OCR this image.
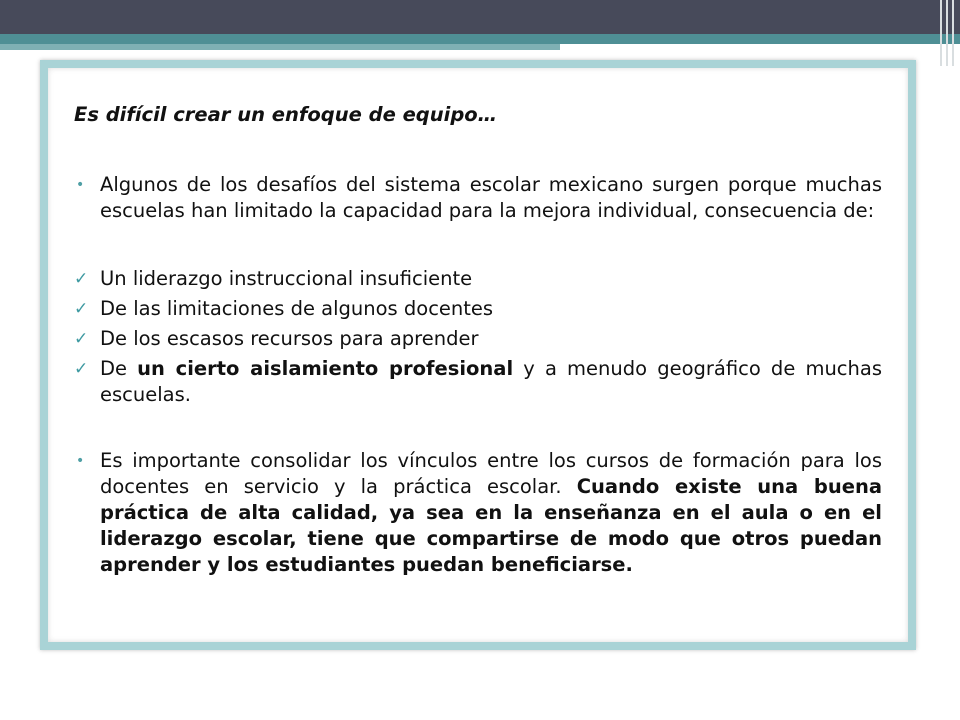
Es difícil crear un enfoque de equipo…
• Algunos de los desafíos del sistema escolar mexicano surgen porque muchas escuelas han limitado la capacidad para la mejora individual, consecuencia de:
✓ Un liderazgo instruccional insuficiente
✓ De las limitaciones de algunos docentes
✓ De los escasos recursos para aprender
✓ De un cierto aislamiento profesional y a menudo geográfico de muchas escuelas.
• Es importante consolidar los vínculos entre los cursos de formación para los docentes en servicio y la práctica escolar. Cuando existe una buena práctica de alta calidad, ya sea en la enseñanza en el aula o en el liderazgo escolar, tiene que compartirse de modo que otros puedan aprender y los estudiantes puedan beneficiarse.
